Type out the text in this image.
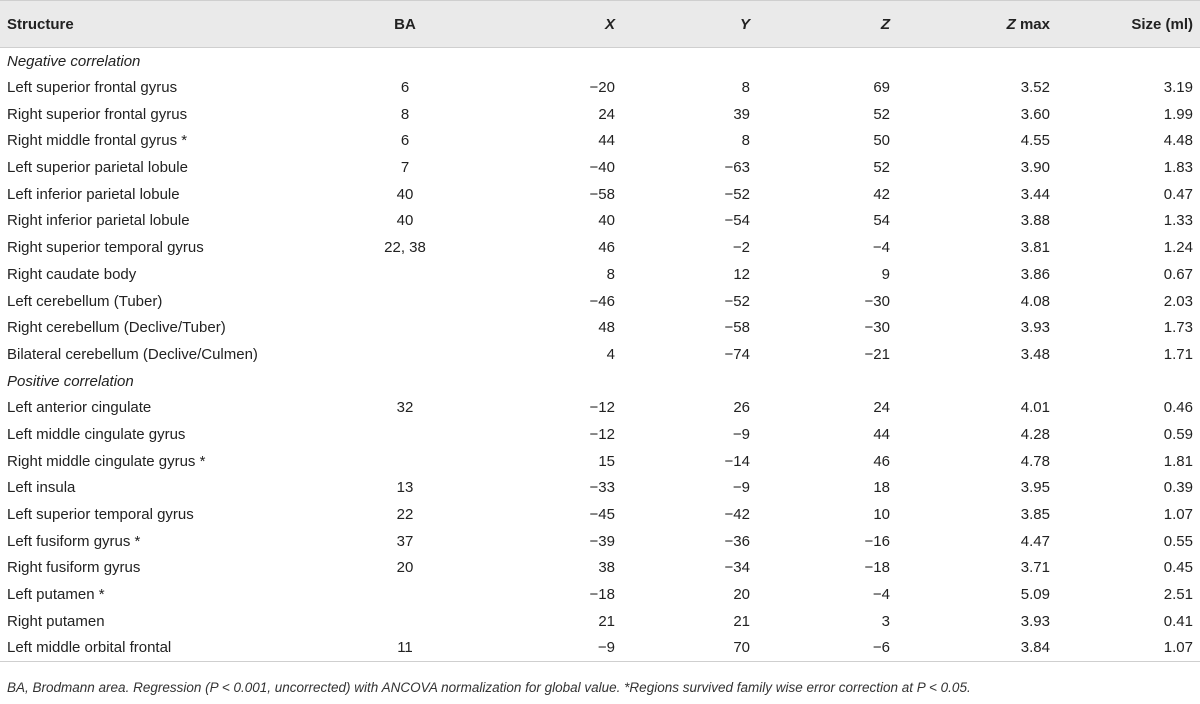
Structure	BA	X	Y	Z	Z max	Size (ml)
Negative correlation						
Left superior frontal gyrus	6	−20	8	69	3.52	3.19
Right superior frontal gyrus	8	24	39	52	3.60	1.99
Right middle frontal gyrus *	6	44	8	50	4.55	4.48
Left superior parietal lobule	7	−40	−63	52	3.90	1.83
Left inferior parietal lobule	40	−58	−52	42	3.44	0.47
Right inferior parietal lobule	40	40	−54	54	3.88	1.33
Right superior temporal gyrus	22, 38	46	−2	−4	3.81	1.24
Right caudate body		8	12	9	3.86	0.67
Left cerebellum (Tuber)		−46	−52	−30	4.08	2.03
Right cerebellum (Declive/Tuber)		48	−58	−30	3.93	1.73
Bilateral cerebellum (Declive/Culmen)		4	−74	−21	3.48	1.71
Positive correlation						
Left anterior cingulate	32	−12	26	24	4.01	0.46
Left middle cingulate gyrus		−12	−9	44	4.28	0.59
Right middle cingulate gyrus *		15	−14	46	4.78	1.81
Left insula	13	−33	−9	18	3.95	0.39
Left superior temporal gyrus	22	−45	−42	10	3.85	1.07
Left fusiform gyrus *	37	−39	−36	−16	4.47	0.55
Right fusiform gyrus	20	38	−34	−18	3.71	0.45
Left putamen *		−18	20	−4	5.09	2.51
Right putamen		21	21	3	3.93	0.41
Left middle orbital frontal	11	−9	70	−6	3.84	1.07
BA, Brodmann area. Regression (P < 0.001, uncorrected) with ANCOVA normalization for global value. *Regions survived family wise error correction at P < 0.05.
